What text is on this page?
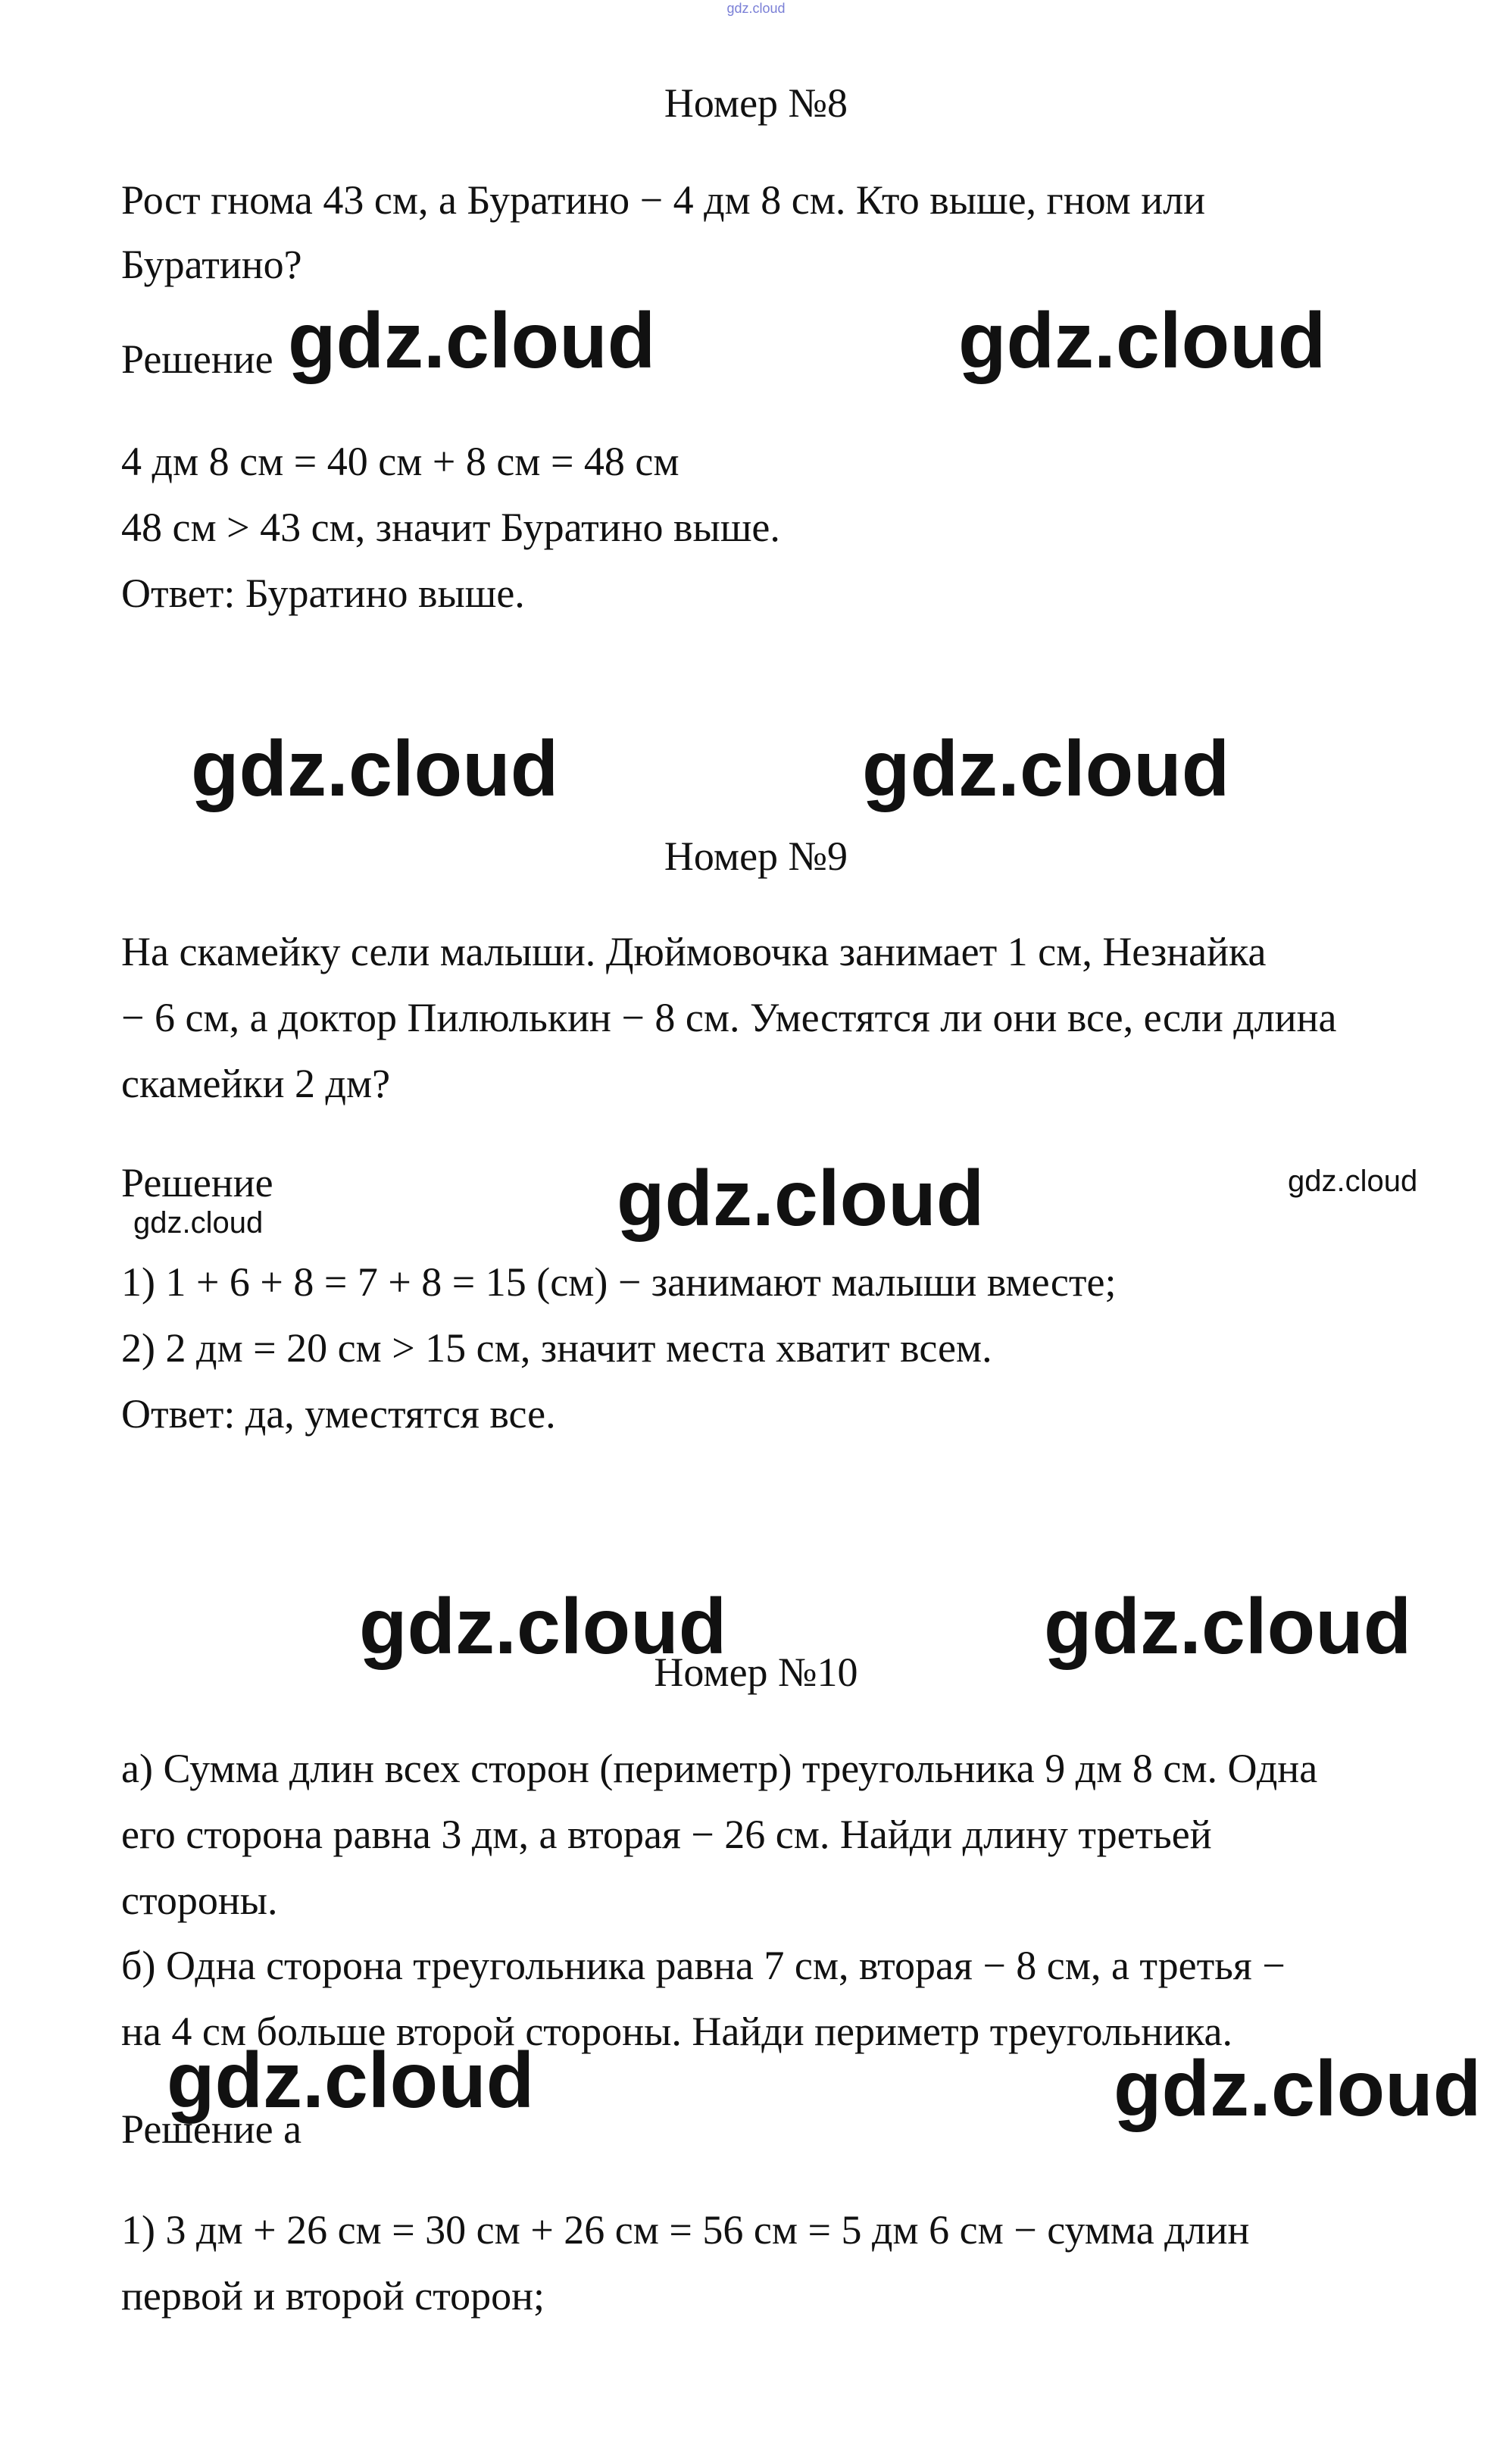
gdz.cloud
Номер №8
Рост гнома 43 см, а Буратино − 4 дм 8 см. Кто выше, гном или
Буратино?
Решение gdz.cloud	gdz.cloud
4 дм 8 см = 40 см + 8 см = 48 см
48 см > 43 см, значит Буратино выше.
Ответ: Буратино выше.
gdz.cloud	gdz.cloud
Номер №9
На скамейку сели малыши. Дюймовочка занимает 1 см, Незнайка
− 6 см, а доктор Пилюлькин − 8 см. Уместятся ли они все, если длина
скамейки 2 дм?
Решение
gdz.cloud	gdz.cloud	gdz.cloud
1) 1 + 6 + 8 = 7 + 8 = 15 (см) − занимают малыши вместе;
2) 2 дм = 20 см > 15 см, значит места хватит всем.
Ответ: да, уместятся все.
gdz.cloud	gdz.cloud
Номер №10
а) Сумма длин всех сторон (периметр) треугольника 9 дм 8 см. Одна
его сторона равна 3 дм, а вторая − 26 см. Найди длину третьей
стороны.
б) Одна сторона треугольника равна 7 см, вторая − 8 см, а третья −
на 4 см больше второй стороны. Найди периметр треугольника.
gdz.cloud	gdz.cloud
Решение а
1) 3 дм + 26 см = 30 см + 26 см = 56 см = 5 дм 6 см − сумма длин
первой и второй сторон;
